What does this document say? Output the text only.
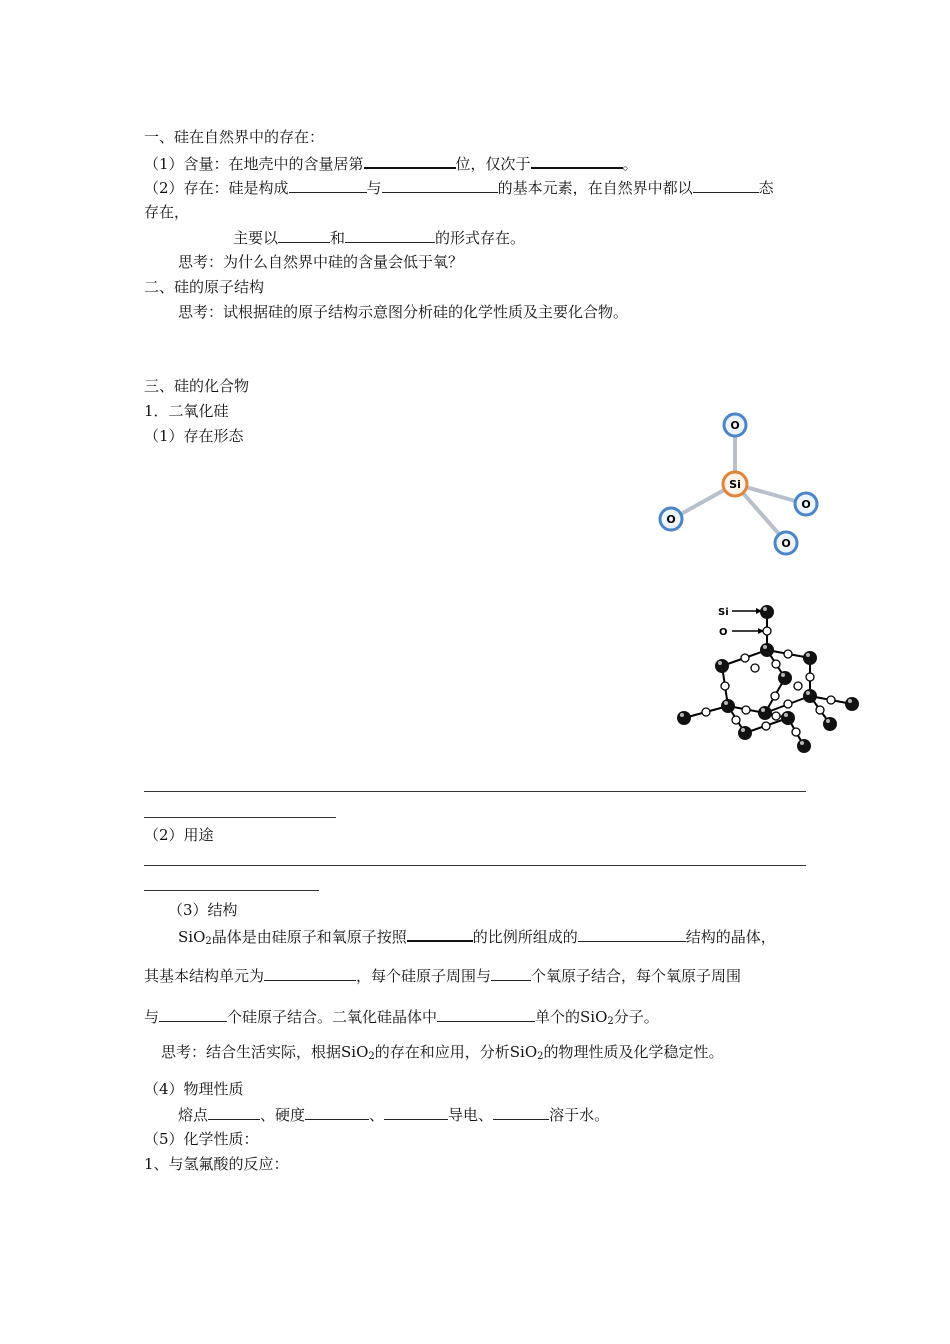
一、硅在自然界中的存在：
（1）含量：在地壳中的含量居第	位，仅次于	。
（2）存在：硅是构成	与	的基本元素，在自然界中都以	态
存在，
主要以	和	的形式存在。
思考：为什么自然界中硅的含量会低于氧？
二、硅的原子结构
思考：试根据硅的原子结构示意图分析硅的化学性质及主要化合物。
三、硅的化合物
1．二氧化硅
（1）存在形态
O
O
O
O
Si
Si
O
（2）用途
（3）结构
SiO$_2$晶体是由硅原子和氧原子按照	的比例所组成的	结构的晶体，
其基本结构单元为	，每个硅原子周围与	个氧原子结合，每个氧原子周围
与	个硅原子结合。二氧化硅晶体中	单个的SiO$_2$分子。
思考：结合生活实际，根据SiO$_2$的存在和应用，分析SiO$_2$的物理性质及化学稳定性。
（4）物理性质
熔点	、硬度	、	导电、	溶于水。
（5）化学性质：
1、与氢氟酸的反应：
